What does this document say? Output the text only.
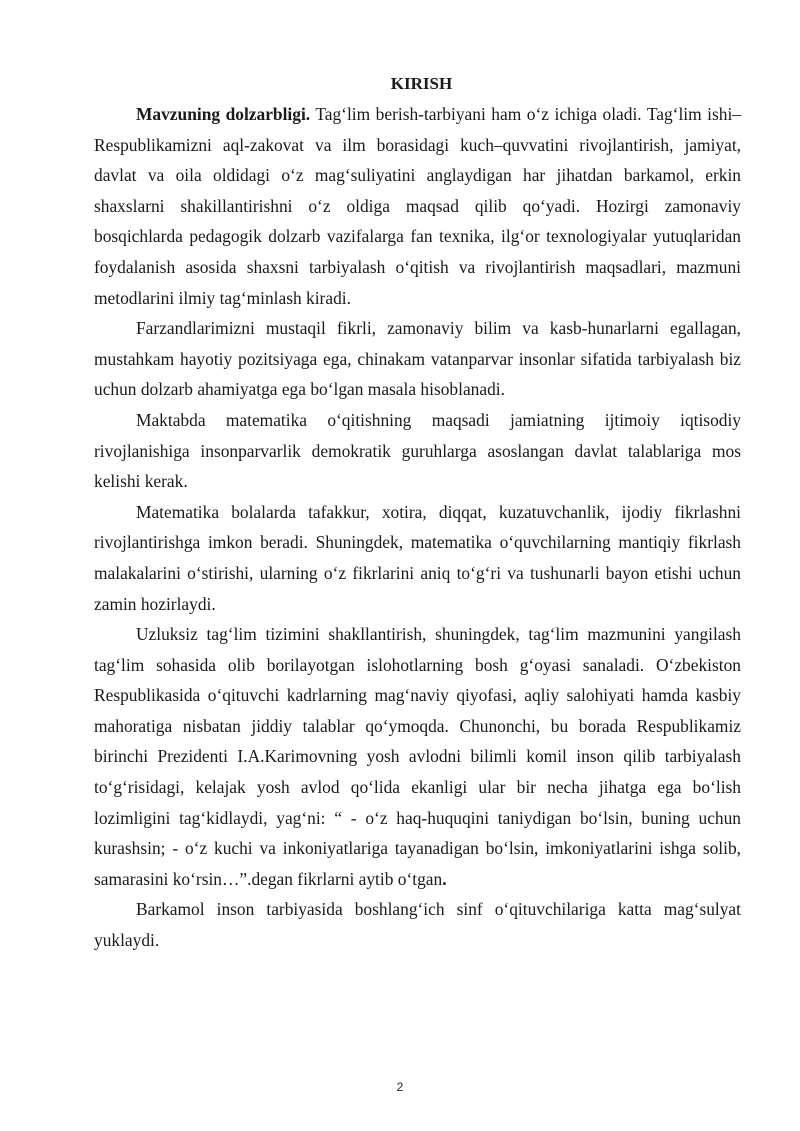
KIRISH

Mavzuning dolzarbligi. Tag‘lim berish-tarbiyani ham o‘z ichiga oladi. Tag‘lim ishi–Respublikamizni aql-zakovat va ilm borasidagi kuch–quvvatini rivojlantirish, jamiyat, davlat va oila oldidagi o‘z mag‘suliyatini anglaydigan har jihatdan barkamol, erkin shaxslarni shakillantirishni o‘z oldiga maqsad qilib qo‘yadi. Hozirgi zamonaviy bosqichlarda pedagogik dolzarb vazifalarga fan texnika, ilg‘or texnologiyalar yutuqlaridan foydalanish asosida shaxsni tarbiyalash o‘qitish va rivojlantirish maqsadlari, mazmuni metodlarini ilmiy tag‘minlash kiradi.

Farzandlarimizni mustaqil fikrli, zamonaviy bilim va kasb-hunarlarni egallagan, mustahkam hayotiy pozitsiyaga ega, chinakam vatanparvar insonlar sifatida tarbiyalash biz uchun dolzarb ahamiyatga ega bo‘lgan masala hisoblanadi.

Maktabda matematika o‘qitishning maqsadi jamiatning ijtimoiy iqtisodiy rivojlanishiga insonparvarlik demokratik guruhlarga asoslangan davlat talablariga mos kelishi kerak.

Matematika bolalarda tafakkur, xotira, diqqat, kuzatuvchanlik, ijodiy fikrlashni rivojlantirishga imkon beradi. Shuningdek, matematika o‘quvchilarning mantiqiy fikrlash malakalarini o‘stirishi, ularning o‘z fikrlarini aniq to‘g‘ri va tushunarli bayon etishi uchun zamin hozirlaydi.

Uzluksiz tag‘lim tizimini shakllantirish, shuningdek, tag‘lim mazmunini yangilash tag‘lim sohasida olib borilayotgan islohotlarning bosh g‘oyasi sanaladi. O‘zbekiston Respublikasida o‘qituvchi kadrlarning mag‘naviy qiyofasi, aqliy salohiyati hamda kasbiy mahoratiga nisbatan jiddiy talablar qo‘ymoqda. Chunonchi, bu borada Respublikamiz birinchi Prezidenti I.A.Karimovning yosh avlodni bilimli komil inson qilib tarbiyalash to‘g‘risidagi, kelajak yosh avlod qo‘lida ekanligi ular bir necha jihatga ega bo‘lish lozimligini tag‘kidlaydi, yag‘ni: “ - o‘z haq-huquqini taniydigan bo‘lsin, buning uchun kurashsin; - o‘z kuchi va inkoniyatlariga tayanadigan bo‘lsin, imkoniyatlarini ishga solib, samarasini ko‘rsin…”.degan fikrlarni aytib o‘tgan.

Barkamol inson tarbiyasida boshlang‘ich sinf o‘qituvchilariga katta mag‘sulyat yuklaydi.

2
